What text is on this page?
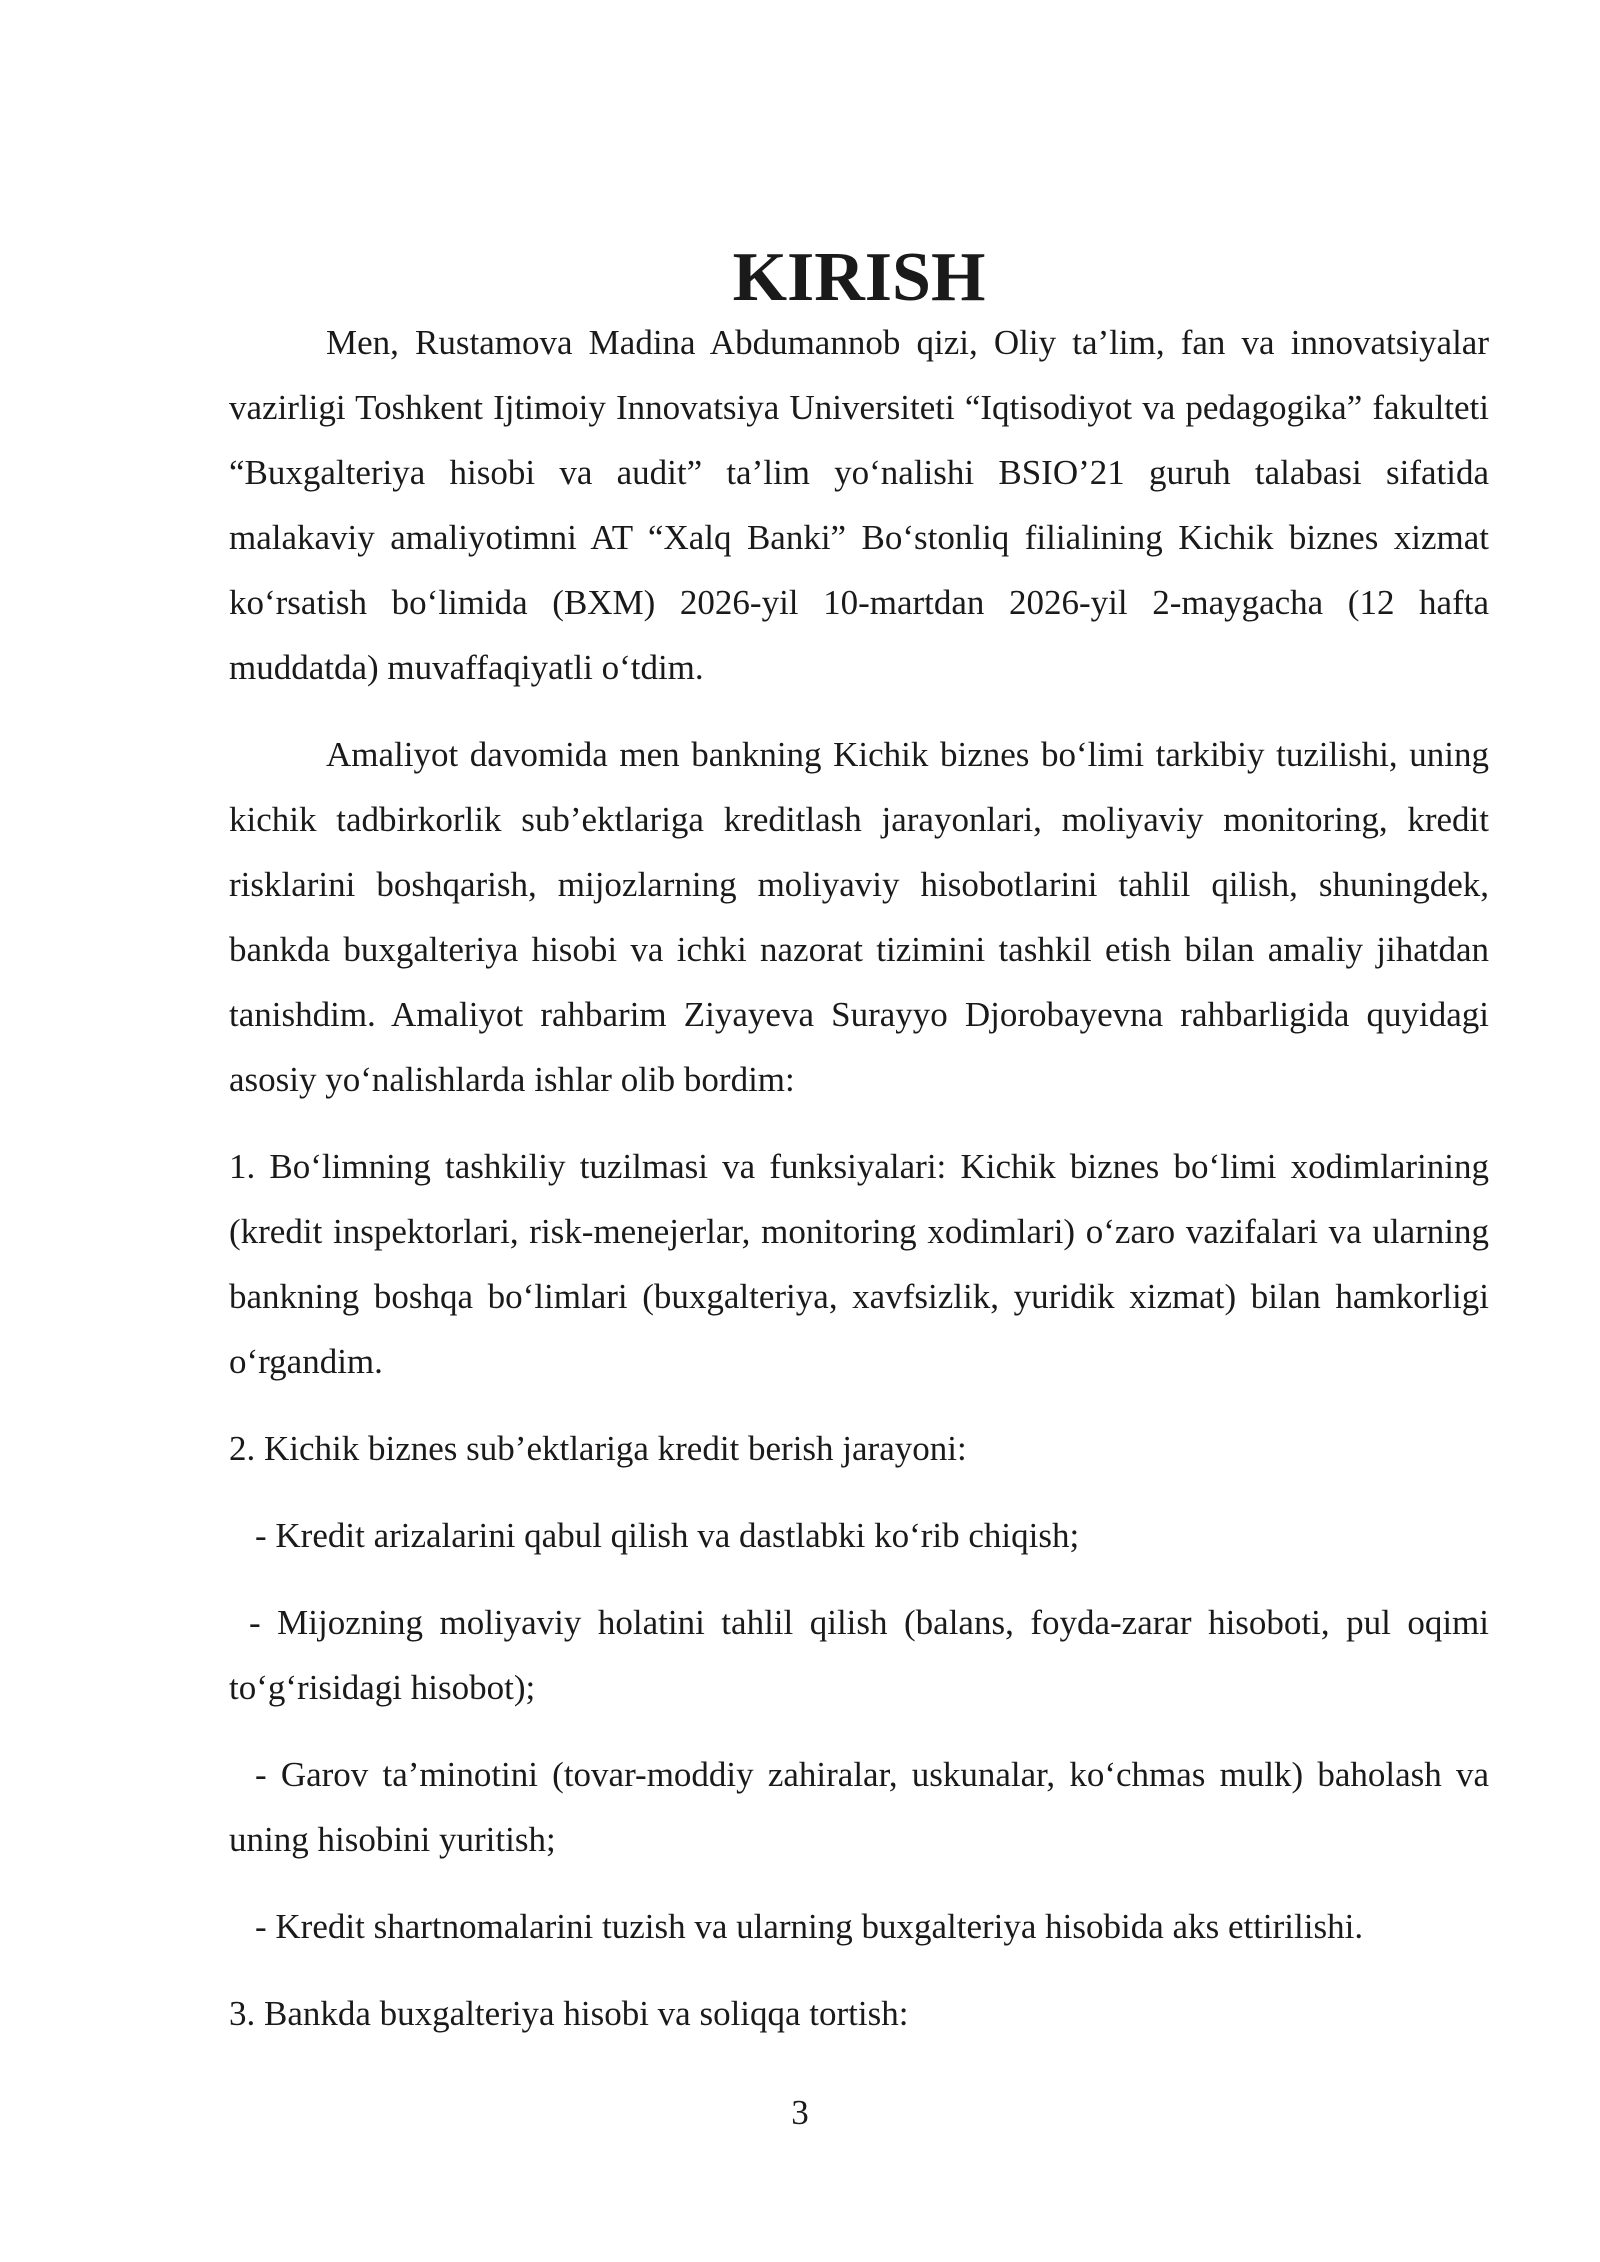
KIRISH

Men, Rustamova Madina Abdumannob qizi, Oliy ta’lim, fan va innovatsiyalar vazirligi Toshkent Ijtimoiy Innovatsiya Universiteti “Iqtisodiyot va pedagogika” fakulteti “Buxgalteriya hisobi va audit” ta’lim yo‘nalishi BSIO’21 guruh talabasi sifatida malakaviy amaliyotimni AT “Xalq Banki” Bo‘stonliq filialining Kichik biznes xizmat ko‘rsatish bo‘limida (BXM) 2026-yil 10-martdan 2026-yil 2-maygacha (12 hafta muddatda) muvaffaqiyatli o‘tdim.

Amaliyot davomida men bankning Kichik biznes bo‘limi tarkibiy tuzilishi, uning kichik tadbirkorlik sub’ektlariga kreditlash jarayonlari, moliyaviy monitoring, kredit risklarini boshqarish, mijozlarning moliyaviy hisobotlarini tahlil qilish, shuningdek, bankda buxgalteriya hisobi va ichki nazorat tizimini tashkil etish bilan amaliy jihatdan tanishdim. Amaliyot rahbarim Ziyayeva Surayyo Djorobayevna rahbarligida quyidagi asosiy yo‘nalishlarda ishlar olib bordim:

1. Bo‘limning tashkiliy tuzilmasi va funksiyalari: Kichik biznes bo‘limi xodimlarining (kredit inspektorlari, risk-menejerlar, monitoring xodimlari) o‘zaro vazifalari va ularning bankning boshqa bo‘limlari (buxgalteriya, xavfsizlik, yuridik xizmat) bilan hamkorligi o‘rgandim.

2. Kichik biznes sub’ektlariga kredit berish jarayoni:

- Kredit arizalarini qabul qilish va dastlabki ko‘rib chiqish;

- Mijozning moliyaviy holatini tahlil qilish (balans, foyda-zarar hisoboti, pul oqimi to‘g‘risidagi hisobot);

- Garov ta’minotini (tovar-moddiy zahiralar, uskunalar, ko‘chmas mulk) baholash va uning hisobini yuritish;

- Kredit shartnomalarini tuzish va ularning buxgalteriya hisobida aks ettirilishi.

3. Bankda buxgalteriya hisobi va soliqqa tortish:

3
